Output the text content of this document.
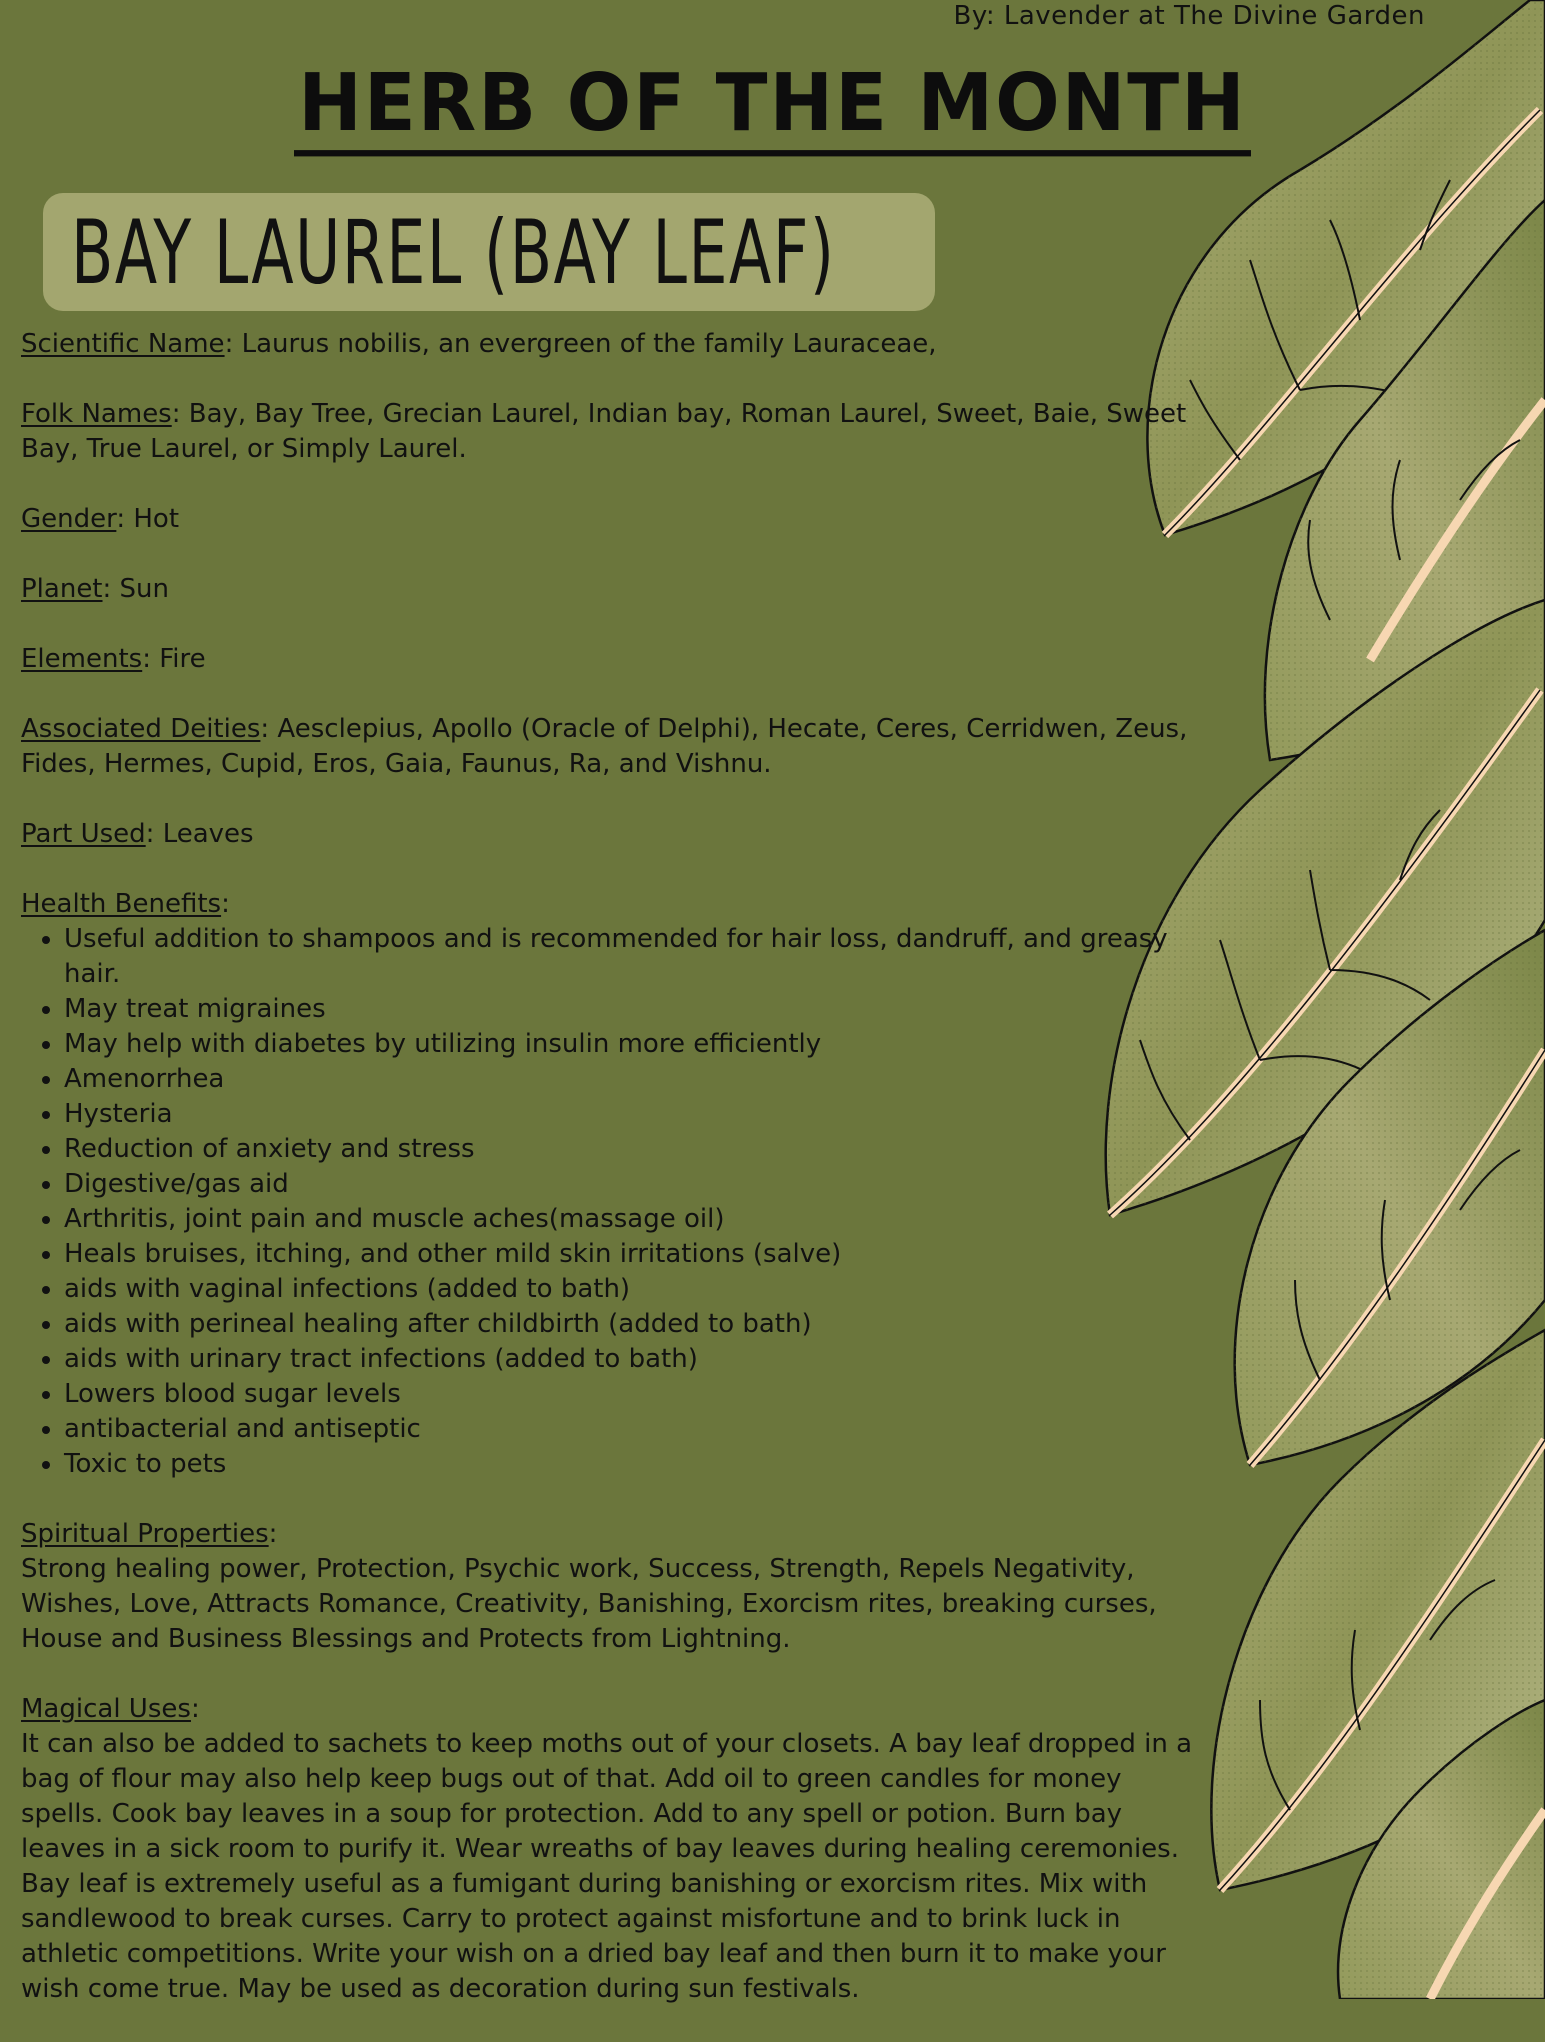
By: Lavender at The Divine Garden
HERB OF THE MONTH
BAY LAUREL (BAY LEAF)

Scientific Name: Laurus nobilis, an evergreen of the family Lauraceae,

Folk Names: Bay, Bay Tree, Grecian Laurel, Indian bay, Roman Laurel, Sweet, Baie, Sweet Bay, True Laurel, or Simply Laurel.

Gender: Hot

Planet: Sun

Elements: Fire

Associated Deities: Aesclepius, Apollo (Oracle of Delphi), Hecate, Ceres, Cerridwen, Zeus, Fides, Hermes, Cupid, Eros, Gaia, Faunus, Ra, and Vishnu.

Part Used: Leaves

Health Benefits:

• Useful addition to shampoos and is recommended for hair loss, dandruff, and greasy hair.
• May treat migraines
• May help with diabetes by utilizing insulin more efficiently
• Amenorrhea
• Hysteria
• Reduction of anxiety and stress
• Digestive/gas aid
• Arthritis, joint pain and muscle aches(massage oil)
• Heals bruises, itching, and other mild skin irritations (salve)
• aids with vaginal infections (added to bath)
• aids with perineal healing after childbirth (added to bath)
• aids with urinary tract infections (added to bath)
• Lowers blood sugar levels
• antibacterial and antiseptic
• Toxic to pets

Spiritual Properties:
Strong healing power, Protection, Psychic work, Success, Strength, Repels Negativity, Wishes, Love, Attracts Romance, Creativity, Banishing, Exorcism rites, breaking curses, House and Business Blessings and Protects from Lightning.

Magical Uses:
It can also be added to sachets to keep moths out of your closets. A bay leaf dropped in a bag of flour may also help keep bugs out of that. Add oil to green candles for money spells. Cook bay leaves in a soup for protection. Add to any spell or potion. Burn bay leaves in a sick room to purify it. Wear wreaths of bay leaves during healing ceremonies. Bay leaf is extremely useful as a fumigant during banishing or exorcism rites. Mix with sandlewood to break curses. Carry to protect against misfortune and to brink luck in athletic competitions. Write your wish on a dried bay leaf and then burn it to make your wish come true. May be used as decoration during sun festivals.
